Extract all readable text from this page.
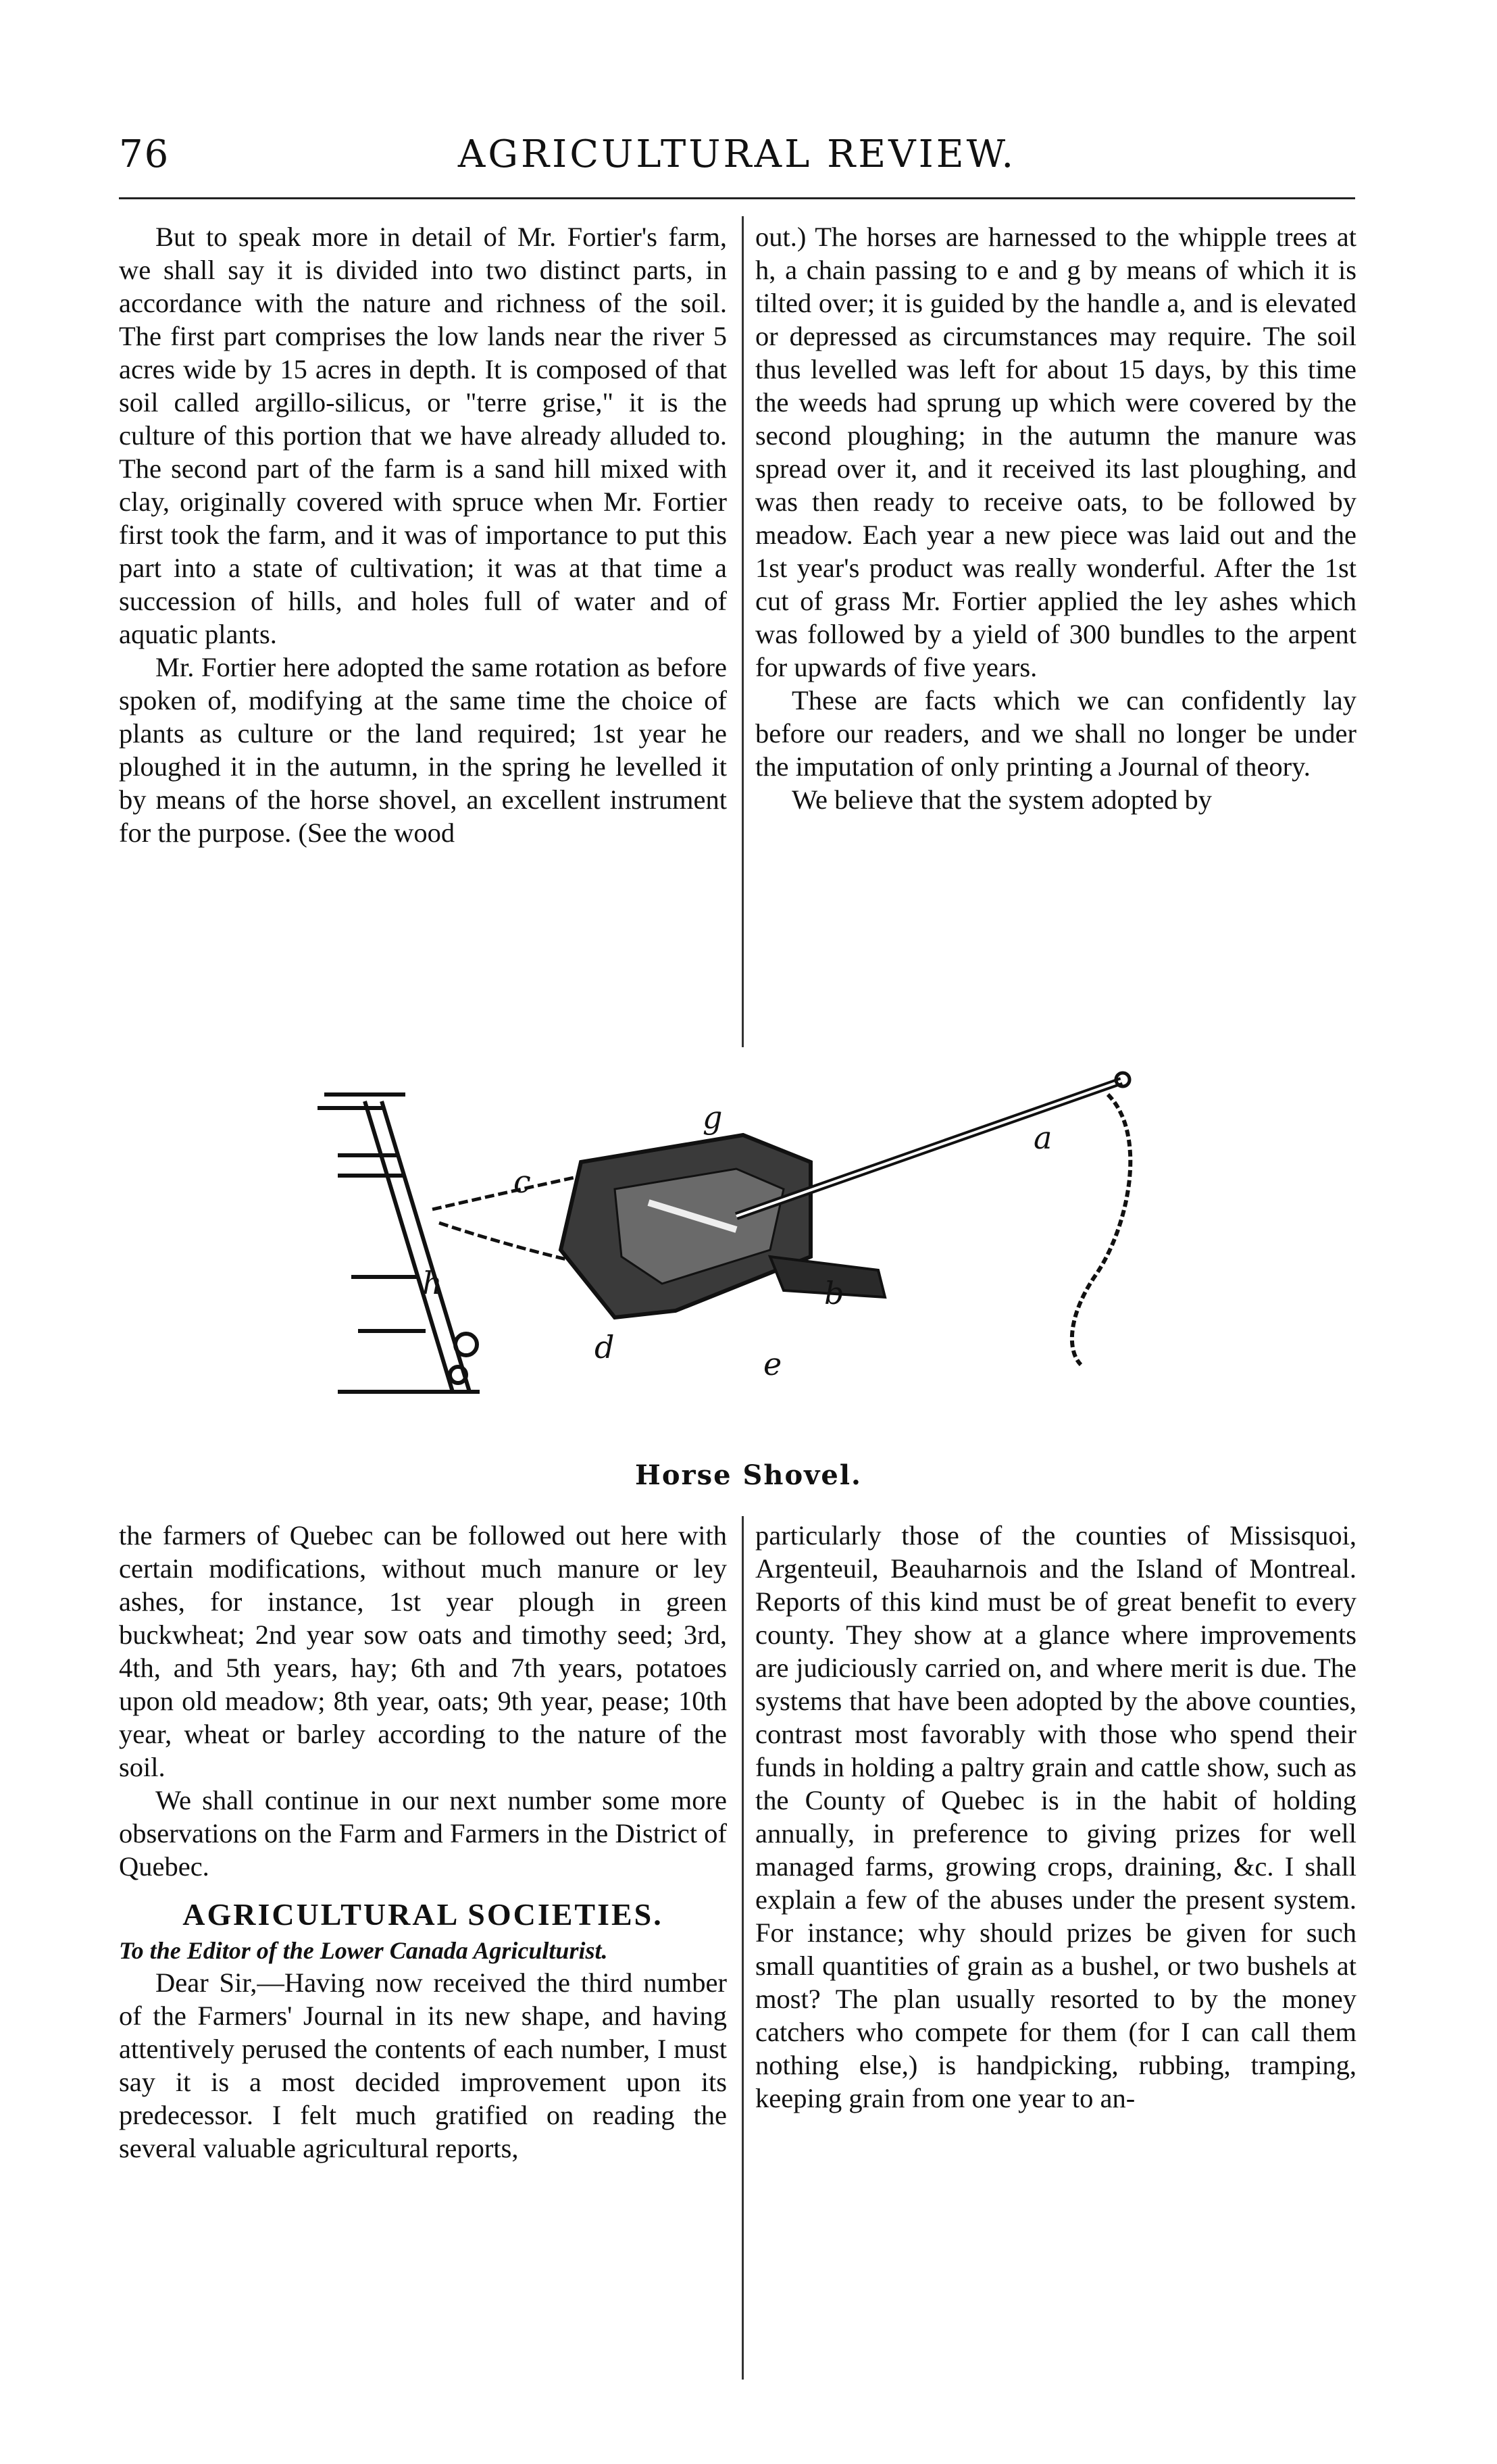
76	AGRICULTURAL REVIEW.

But to speak more in detail of Mr. Fortier's farm, we shall say it is divided into two distinct parts, in accordance with the nature and richness of the soil. The first part comprises the low lands near the river 5 acres wide by 15 acres in depth. It is composed of that soil called argillo-silicus, or "terre grise," it is the culture of this portion that we have already alluded to. The second part of the farm is a sand hill mixed with clay, originally covered with spruce when Mr. Fortier first took the farm, and it was of importance to put this part into a state of cultivation; it was at that time a succession of hills, and holes full of water and of aquatic plants.

Mr. Fortier here adopted the same rotation as before spoken of, modifying at the same time the choice of plants as culture or the land required; 1st year he ploughed it in the autumn, in the spring he levelled it by means of the horse shovel, an excellent instrument for the purpose. (See the wood

out.) The horses are harnessed to the whipple trees at h, a chain passing to e and g by means of which it is tilted over; it is guided by the handle a, and is elevated or depressed as circumstances may require. The soil thus levelled was left for about 15 days, by this time the weeds had sprung up which were covered by the second ploughing; in the autumn the manure was spread over it, and it received its last ploughing, and was then ready to receive oats, to be followed by meadow. Each year a new piece was laid out and the 1st year's product was really wonderful. After the 1st cut of grass Mr. Fortier applied the ley ashes which was followed by a yield of 300 bundles to the arpent for upwards of five years.

These are facts which we can confidently lay before our readers, and we shall no longer be under the imputation of only printing a Journal of theory.

We believe that the system adopted by

g
c
a
h	b
d	e
Horse Shovel.

the farmers of Quebec can be followed out here with certain modifications, without much manure or ley ashes, for instance, 1st year plough in green buckwheat; 2nd year sow oats and timothy seed; 3rd, 4th, and 5th years, hay; 6th and 7th years, potatoes upon old meadow; 8th year, oats; 9th year, pease; 10th year, wheat or barley according to the nature of the soil.

We shall continue in our next number some more observations on the Farm and Farmers in the District of Quebec.

AGRICULTURAL SOCIETIES.

To the Editor of the Lower Canada Agriculturist.

Dear Sir,—Having now received the third number of the Farmers' Journal in its new shape, and having attentively perused the contents of each number, I must say it is a most decided improvement upon its predecessor. I felt much gratified on reading the several valuable agricultural reports,

particularly those of the counties of Missisquoi, Argenteuil, Beauharnois and the Island of Montreal. Reports of this kind must be of great benefit to every county. They show at a glance where improvements are judiciously carried on, and where merit is due. The systems that have been adopted by the above counties, contrast most favorably with those who spend their funds in holding a paltry grain and cattle show, such as the County of Quebec is in the habit of holding annually, in preference to giving prizes for well managed farms, growing crops, draining, &c. I shall explain a few of the abuses under the present system. For instance; why should prizes be given for such small quantities of grain as a bushel, or two bushels at most? The plan usually resorted to by the money catchers who compete for them (for I can call them nothing else,) is handpicking, rubbing, tramping, keeping grain from one year to an-
